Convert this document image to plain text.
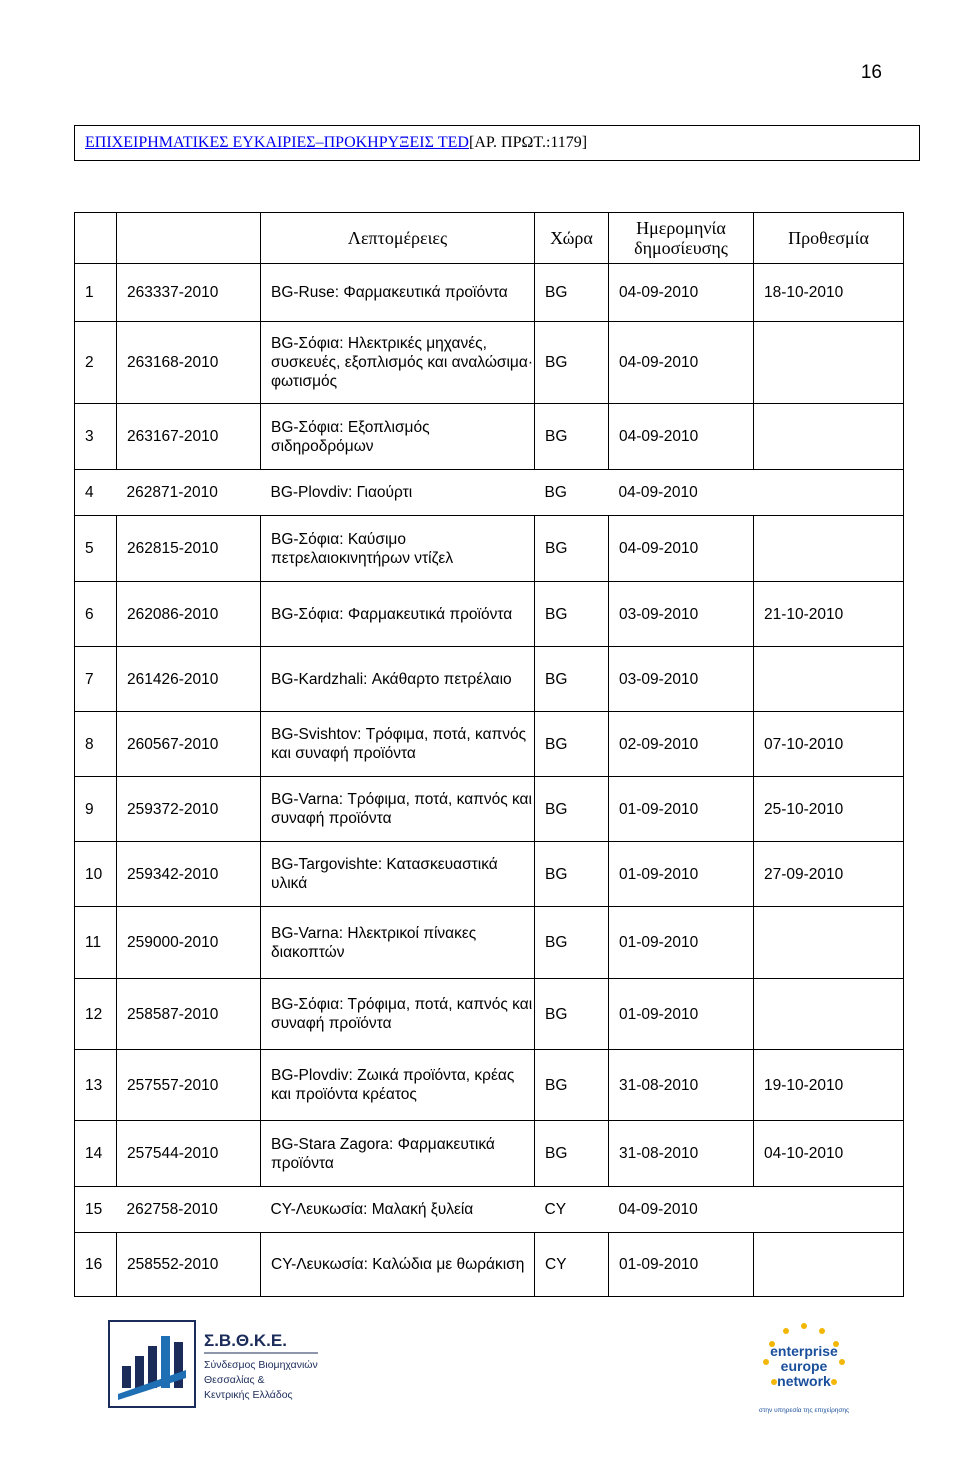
16
ΕΠΙΧΕΙΡΗΜΑΤΙΚΕΣ ΕΥΚΑΙΡΙΕΣ–ΠΡΟΚΗΡΥΞΕΙΣ TED [ΑΡ. ΠΡΩΤ.:1179]
		Λεπτομέρειες	Χώρα	Ημερομηνία δημοσίευσης	Προθεσμία
1	263337-2010	BG-Ruse: Φαρμακευτικά προϊόντα	BG	04-09-2010	18-10-2010
2	263168-2010	BG-Σόφια: Ηλεκτρικές μηχανές, συσκευές, εξοπλισμός και αναλώσιμα· φωτισμός	BG	04-09-2010	
3	263167-2010	BG-Σόφια: Εξοπλισμός σιδηροδρόμων	BG	04-09-2010	
4	262871-2010	BG-Plovdiv: Γιαούρτι	BG	04-09-2010	
5	262815-2010	BG-Σόφια: Καύσιμο πετρελαιοκινητήρων ντίζελ	BG	04-09-2010	
6	262086-2010	BG-Σόφια: Φαρμακευτικά προϊόντα	BG	03-09-2010	21-10-2010
7	261426-2010	BG-Kardzhali: Ακάθαρτο πετρέλαιο	BG	03-09-2010	
8	260567-2010	BG-Svishtov: Τρόφιμα, ποτά, καπνός και συναφή προϊόντα	BG	02-09-2010	07-10-2010
9	259372-2010	BG-Varna: Τρόφιμα, ποτά, καπνός και συναφή προϊόντα	BG	01-09-2010	25-10-2010
10	259342-2010	BG-Targovishte: Κατασκευαστικά υλικά	BG	01-09-2010	27-09-2010
11	259000-2010	BG-Varna: Ηλεκτρικοί πίνακες διακοπτών	BG	01-09-2010	
12	258587-2010	BG-Σόφια: Τρόφιμα, ποτά, καπνός και συναφή προϊόντα	BG	01-09-2010	
13	257557-2010	BG-Plovdiv: Ζωικά προϊόντα, κρέας και προϊόντα κρέατος	BG	31-08-2010	19-10-2010
14	257544-2010	BG-Stara Zagora: Φαρμακευτικά προϊόντα	BG	31-08-2010	04-10-2010
15	262758-2010	CY-Λευκωσία: Μαλακή ξυλεία	CY	04-09-2010	
16	258552-2010	CY-Λευκωσία: Καλώδια με θωράκιση	CY	01-09-2010	
Σ.Β.Θ.Κ.Ε.
Σύνδεσμος Βιομηχανιών
Θεσσαλίας &
Κεντρικής Ελλάδος
enterprise
europe
network
στην υπηρεσία της επιχείρησης
